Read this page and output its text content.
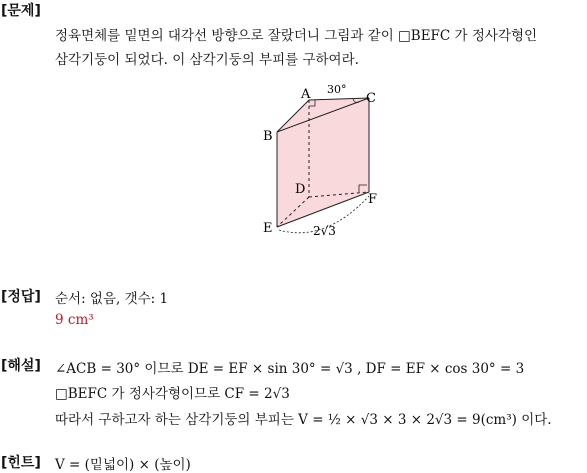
[문제]
정육면체를 밑면의 대각선 방향으로 잘랐더니 그림과 같이 □BEFC 가 정사각형인
삼각기둥이 되었다. 이 삼각기둥의 부피를 구하여라.
A 30°
C
B
D
F
E	2√3
[정답] 순서: 없음, 갯수: 1
9 cm³
[해설] ∠ACB = 30° 이므로 DE = EF × sin 30° = √3 , DF = EF × cos 30° = 3
□BEFC 가 정사각형이므로 CF = 2√3
따라서 구하고자 하는 삼각기둥의 부피는 V = ½ × √3 × 3 × 2√3 = 9(cm³) 이다.
[힌트] V = (밑넓이) × (높이)
